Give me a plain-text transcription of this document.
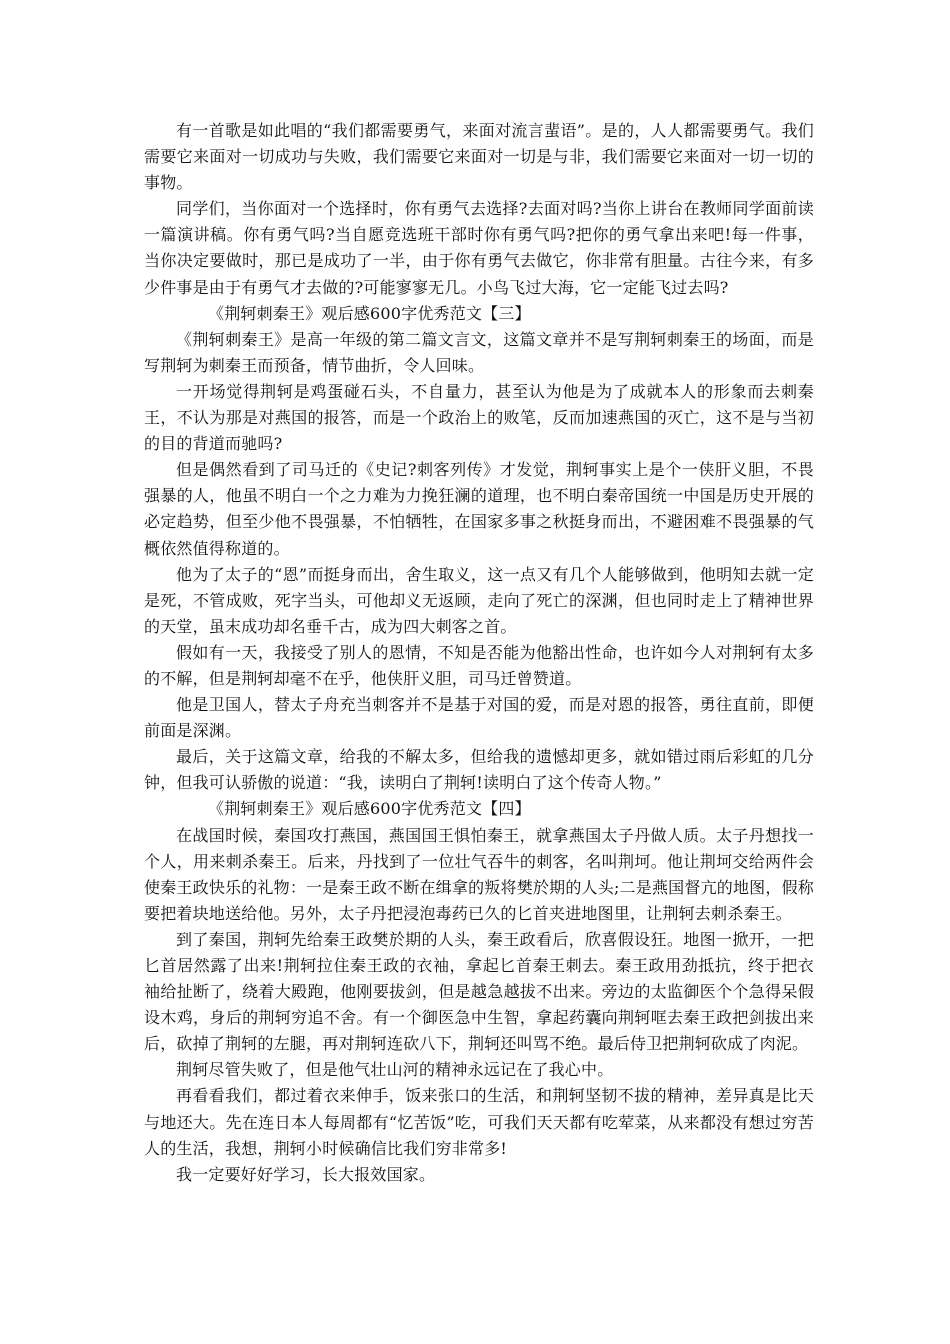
有一首歌是如此唱的“我们都需要勇气，来面对流言蜚语”。是的，人人都需要勇气。我们需要它来面对一切成功与失败，我们需要它来面对一切是与非，我们需要它来面对一切一切的事物。

同学们，当你面对一个选择时，你有勇气去选择?去面对吗?当你上讲台在教师同学面前读一篇演讲稿。你有勇气吗?当自愿竞选班干部时你有勇气吗?把你的勇气拿出来吧!每一件事，当你决定要做时，那已是成功了一半，由于你有勇气去做它，你非常有胆量。古往今来，有多少件事是由于有勇气才去做的?可能寥寥无几。小鸟飞过大海，它一定能飞过去吗?

《荆轲刺秦王》观后感600字优秀范文【三】

《荆轲刺秦王》是高一年级的第二篇文言文，这篇文章并不是写荆轲刺秦王的场面，而是写荆轲为刺秦王而预备，情节曲折，令人回味。

一开场觉得荆轲是鸡蛋碰石头，不自量力，甚至认为他是为了成就本人的形象而去刺秦王，不认为那是对燕国的报答，而是一个政治上的败笔，反而加速燕国的灭亡，这不是与当初的目的背道而驰吗?

但是偶然看到了司马迁的《史记?刺客列传》才发觉，荆轲事实上是个一侠肝义胆，不畏强暴的人，他虽不明白一个之力难为力挽狂澜的道理，也不明白秦帝国统一中国是历史开展的必定趋势，但至少他不畏强暴，不怕牺牲，在国家多事之秋挺身而出，不避困难不畏强暴的气概依然值得称道的。

他为了太子的“恩”而挺身而出，舍生取义，这一点又有几个人能够做到，他明知去就一定是死，不管成败，死字当头，可他却义无返顾，走向了死亡的深渊，但也同时走上了精神世界的天堂，虽末成功却名垂千古，成为四大刺客之首。

假如有一天，我接受了别人的恩情，不知是否能为他豁出性命，也许如今人对荆轲有太多的不解，但是荆轲却毫不在乎，他侠肝义胆，司马迁曾赞道。

他是卫国人，替太子舟充当刺客并不是基于对国的爱，而是对恩的报答，勇往直前，即便前面是深渊。

最后，关于这篇文章，给我的不解太多，但给我的遗憾却更多，就如错过雨后彩虹的几分钟，但我可认骄傲的说道：“我，读明白了荆轲!读明白了这个传奇人物。”

《荆轲刺秦王》观后感600字优秀范文【四】

在战国时候，秦国攻打燕国，燕国国王惧怕秦王，就拿燕国太子丹做人质。太子丹想找一个人，用来刺杀秦王。后来，丹找到了一位壮气吞牛的刺客，名叫荆坷。他让荆坷交给两件会使秦王政快乐的礼物：一是秦王政不断在缉拿的叛将樊於期的人头;二是燕国督亢的地图，假称要把着块地送给他。另外，太子丹把浸泡毒药已久的匕首夹进地图里，让荆轲去刺杀秦王。

到了秦国，荆轲先给秦王政樊於期的人头，秦王政看后，欣喜假设狂。地图一掀开，一把匕首居然露了出来!荆轲拉住秦王政的衣袖，拿起匕首秦王刺去。秦王政用劲抵抗，终于把衣袖给扯断了，绕着大殿跑，他刚要拔剑，但是越急越拔不出来。旁边的太监御医个个急得呆假设木鸡，身后的荆轲穷追不舍。有一个御医急中生智，拿起药囊向荆轲哐去秦王政把剑拔出来后，砍掉了荆轲的左腿，再对荆轲连砍八下，荆轲还叫骂不绝。最后侍卫把荆轲砍成了肉泥。

荆轲尽管失败了，但是他气壮山河的精神永远记在了我心中。

再看看我们，都过着衣来伸手，饭来张口的生活，和荆轲坚韧不拔的精神，差异真是比天与地还大。先在连日本人每周都有“忆苦饭”吃，可我们天天都有吃荤菜，从来都没有想过穷苦人的生活，我想，荆轲小时候确信比我们穷非常多!

我一定要好好学习，长大报效国家。
